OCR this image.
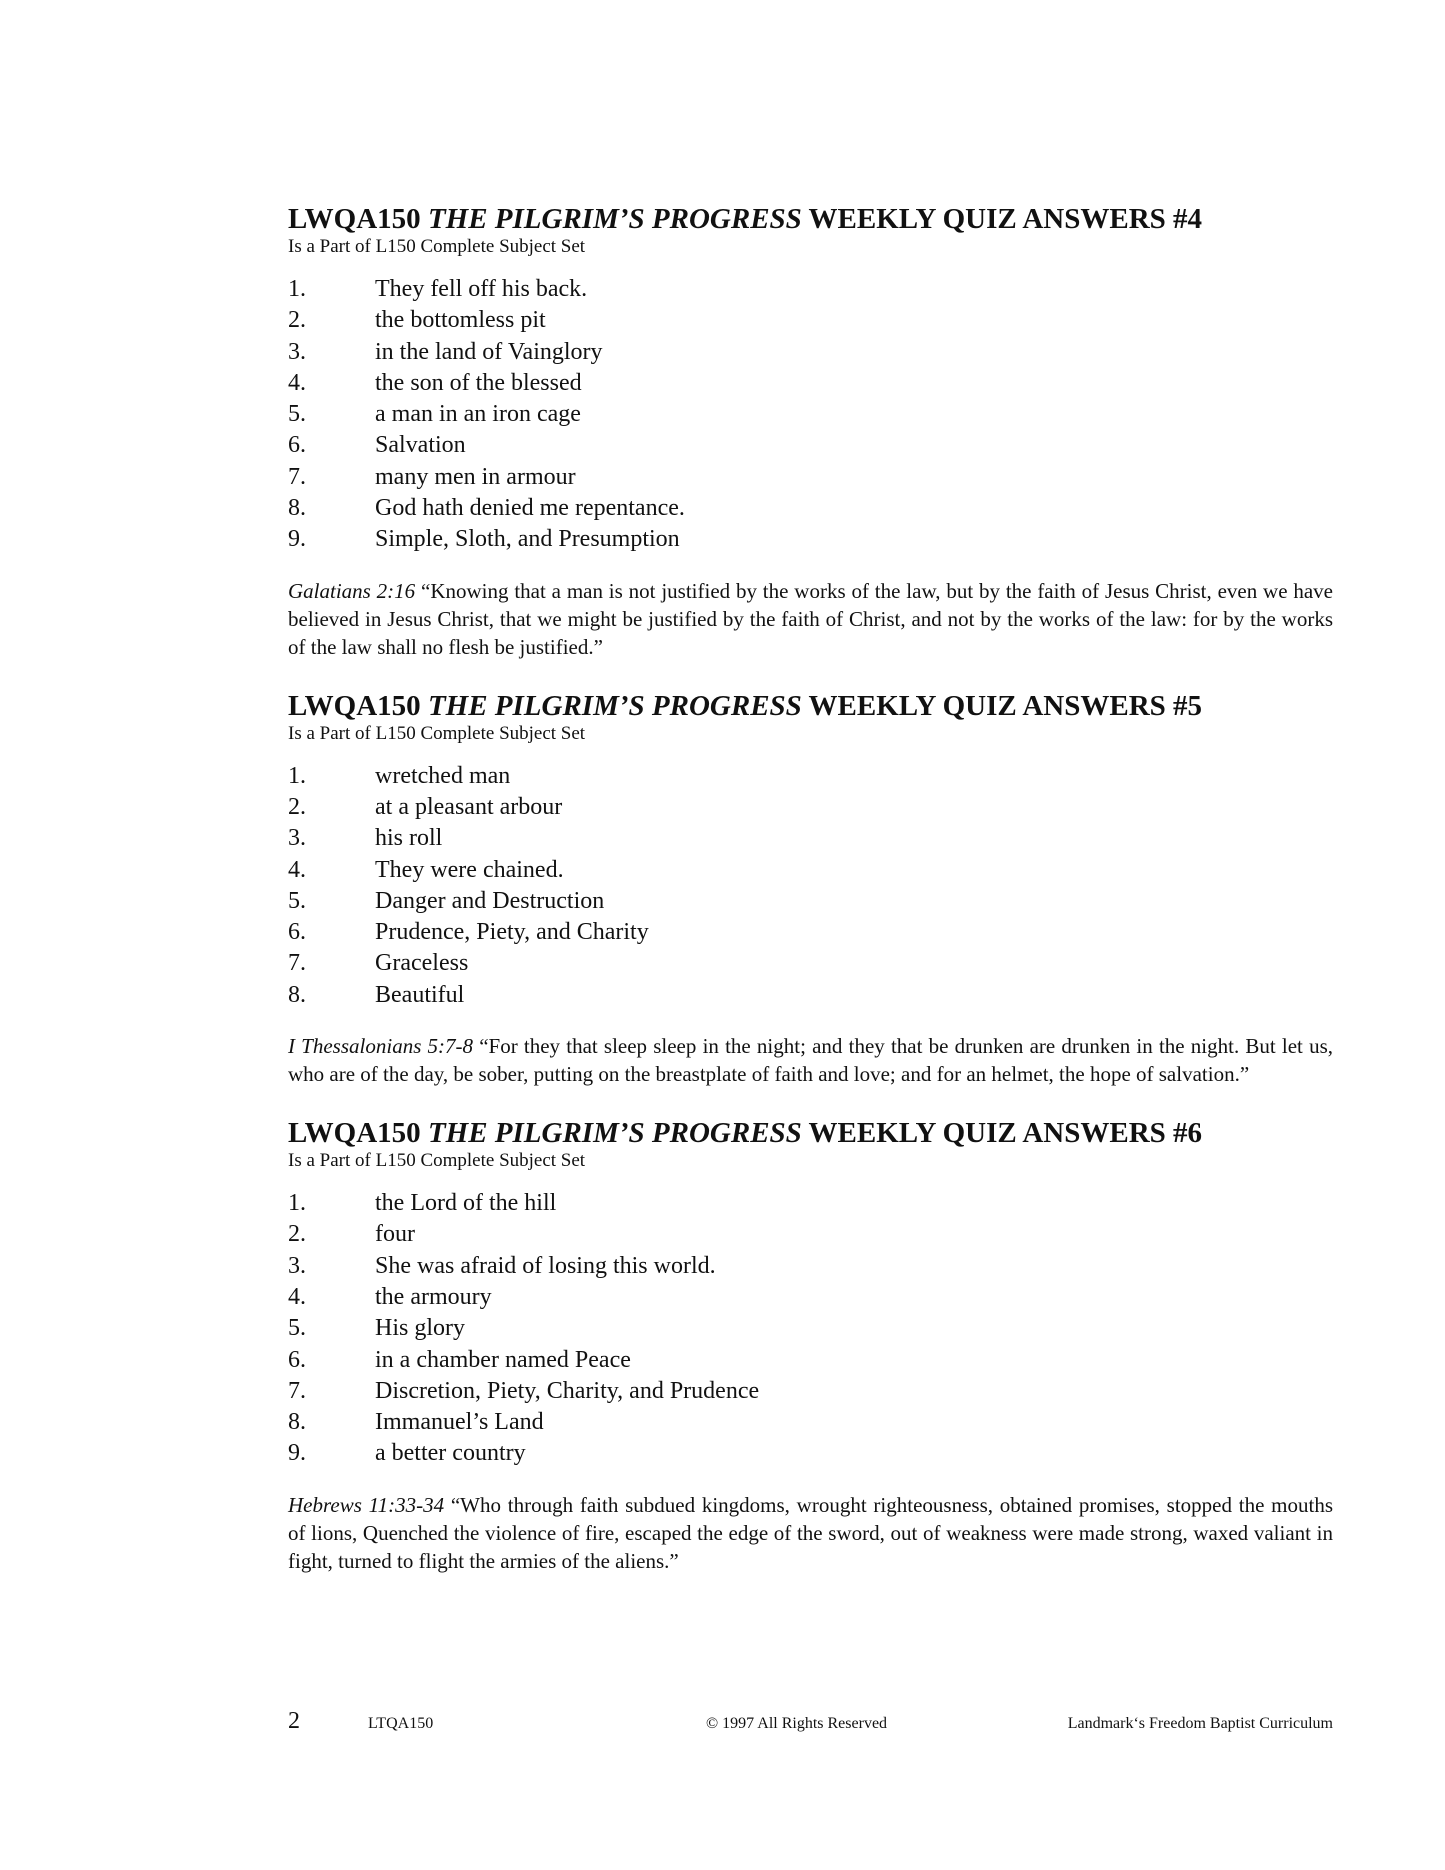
LWQA150 THE PILGRIM’S PROGRESS WEEKLY QUIZ ANSWERS #4

Is a Part of L150 Complete Subject Set

1.	They fell off his back.
2.	the bottomless pit
3.	in the land of Vainglory
4.	the son of the blessed
5.	a man in an iron cage
6.	Salvation
7.	many men in armour
8.	God hath denied me repentance.
9.	Simple, Sloth, and Presumption

Galatians 2:16 “Knowing that a man is not justified by the works of the law, but by the faith of Jesus Christ, even we have believed in Jesus Christ, that we might be justified by the faith of Christ, and not by the works of the law: for by the works of the law shall no flesh be justified.”

LWQA150 THE PILGRIM’S PROGRESS WEEKLY QUIZ ANSWERS #5

Is a Part of L150 Complete Subject Set

1.	wretched man
2.	at a pleasant arbour
3.	his roll
4.	They were chained.
5.	Danger and Destruction
6.	Prudence, Piety, and Charity
7.	Graceless
8.	Beautiful

I Thessalonians 5:7-8 “For they that sleep sleep in the night; and they that be drunken are drunken in the night. But let us, who are of the day, be sober, putting on the breastplate of faith and love; and for an helmet, the hope of salvation.”

LWQA150 THE PILGRIM’S PROGRESS WEEKLY QUIZ ANSWERS #6

Is a Part of L150 Complete Subject Set

1.	the Lord of the hill
2.	four
3.	She was afraid of losing this world.
4.	the armoury
5.	His glory
6.	in a chamber named Peace
7.	Discretion, Piety, Charity, and Prudence
8.	Immanuel’s Land
9.	a better country

Hebrews 11:33-34 “Who through faith subdued kingdoms, wrought righteousness, obtained promises, stopped the mouths of lions, Quenched the violence of fire, escaped the edge of the sword, out of weakness were made strong, waxed valiant in fight, turned to flight the armies of the aliens.”

2	LTQA150	© 1997 All Rights Reserved	Landmark‘s Freedom Baptist Curriculum
